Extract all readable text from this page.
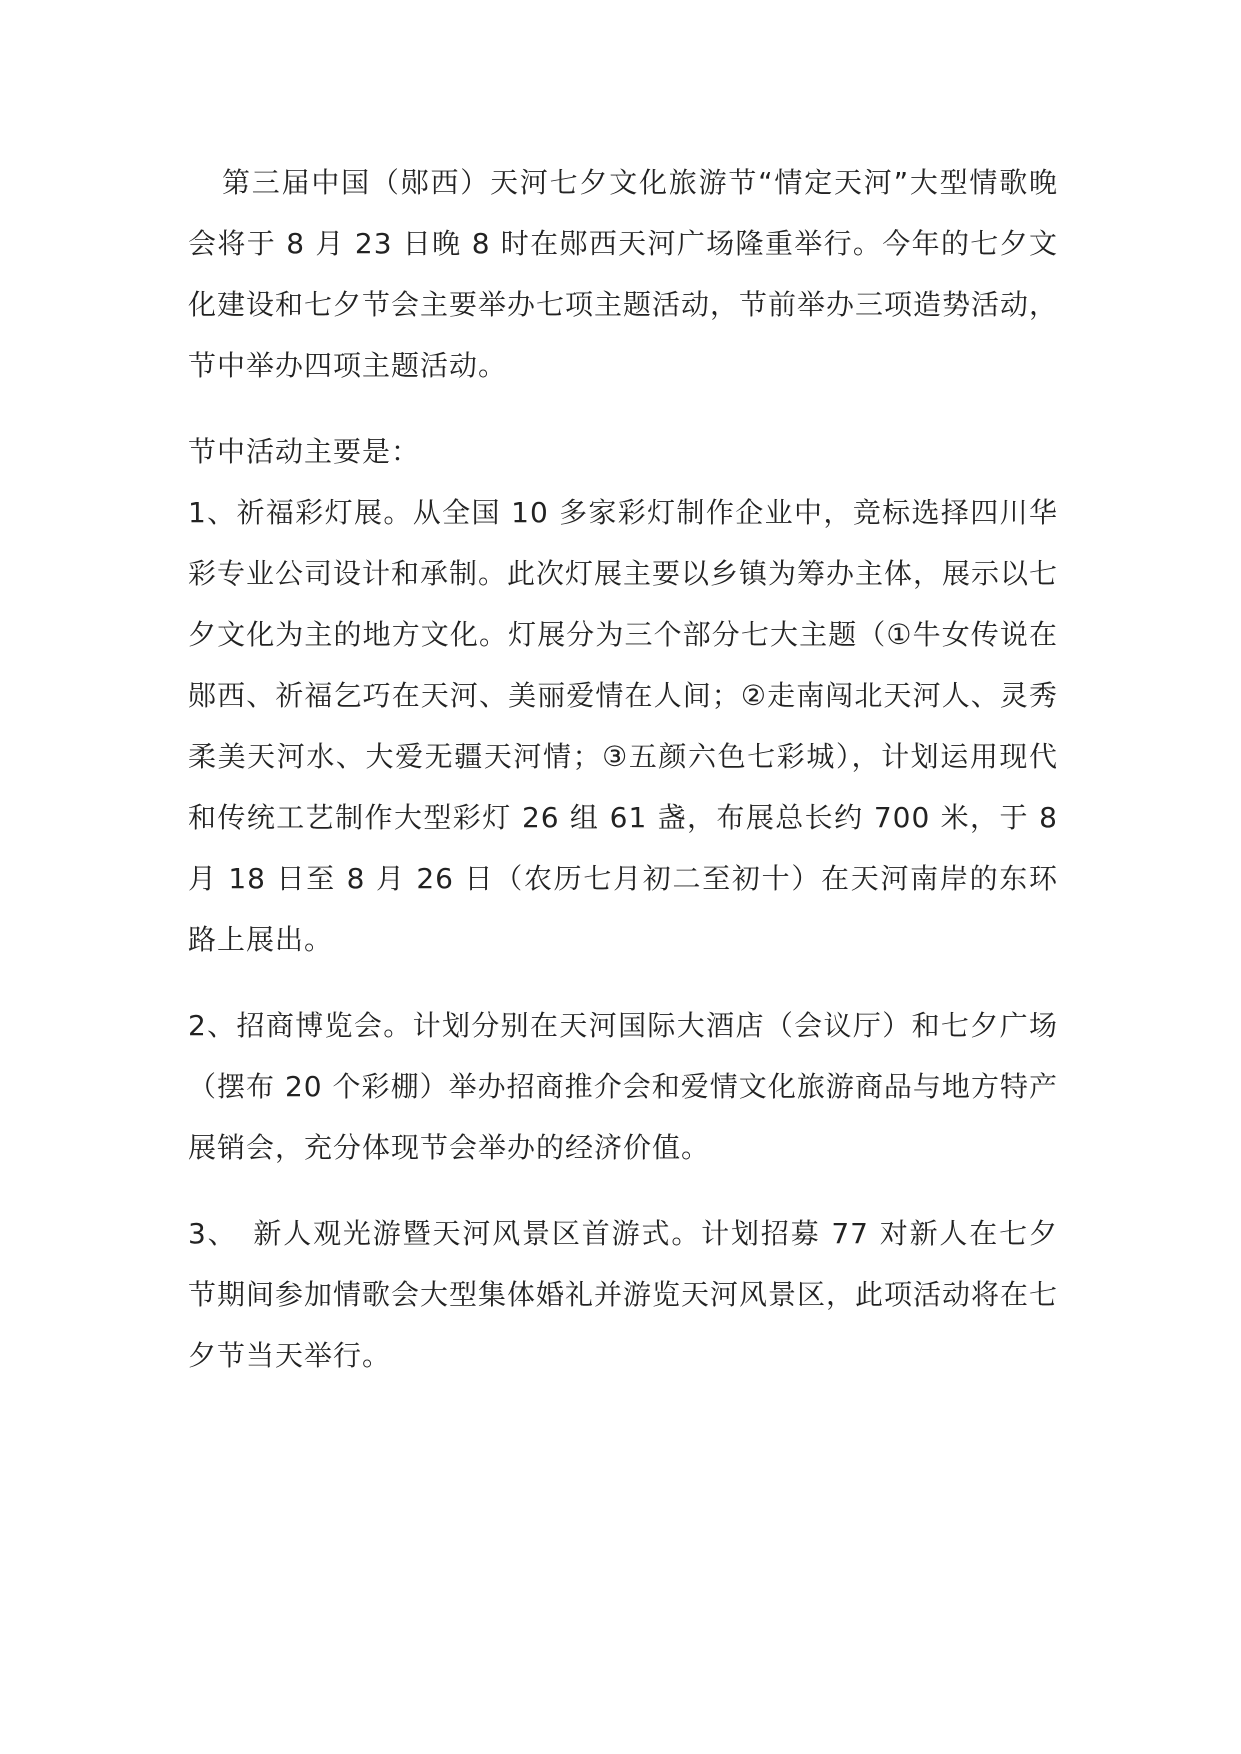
第三届中国（郧西）天河七夕文化旅游节“情定天河”大型情歌晚会将于 8 月 23 日晚 8 时在郧西天河广场隆重举行。今年的七夕文化建设和七夕节会主要举办七项主题活动，节前举办三项造势活动，节中举办四项主题活动。

节中活动主要是：

1、祈福彩灯展。从全国 10 多家彩灯制作企业中，竞标选择四川华彩专业公司设计和承制。此次灯展主要以乡镇为筹办主体，展示以七夕文化为主的地方文化。灯展分为三个部分七大主题（①牛女传说在郧西、祈福乞巧在天河、美丽爱情在人间；②走南闯北天河人、灵秀柔美天河水、大爱无疆天河情；③五颜六色七彩城），计划运用现代和传统工艺制作大型彩灯 26 组 61 盏，布展总长约 700 米，于 8 月 18 日至 8 月 26 日（农历七月初二至初十）在天河南岸的东环路上展出。

2、招商博览会。计划分别在天河国际大酒店（会议厅）和七夕广场（摆布 20 个彩棚）举办招商推介会和爱情文化旅游商品与地方特产展销会，充分体现节会举办的经济价值。

3、　新人观光游暨天河风景区首游式。计划招募 77 对新人在七夕节期间参加情歌会大型集体婚礼并游览天河风景区，此项活动将在七夕节当天举行。
